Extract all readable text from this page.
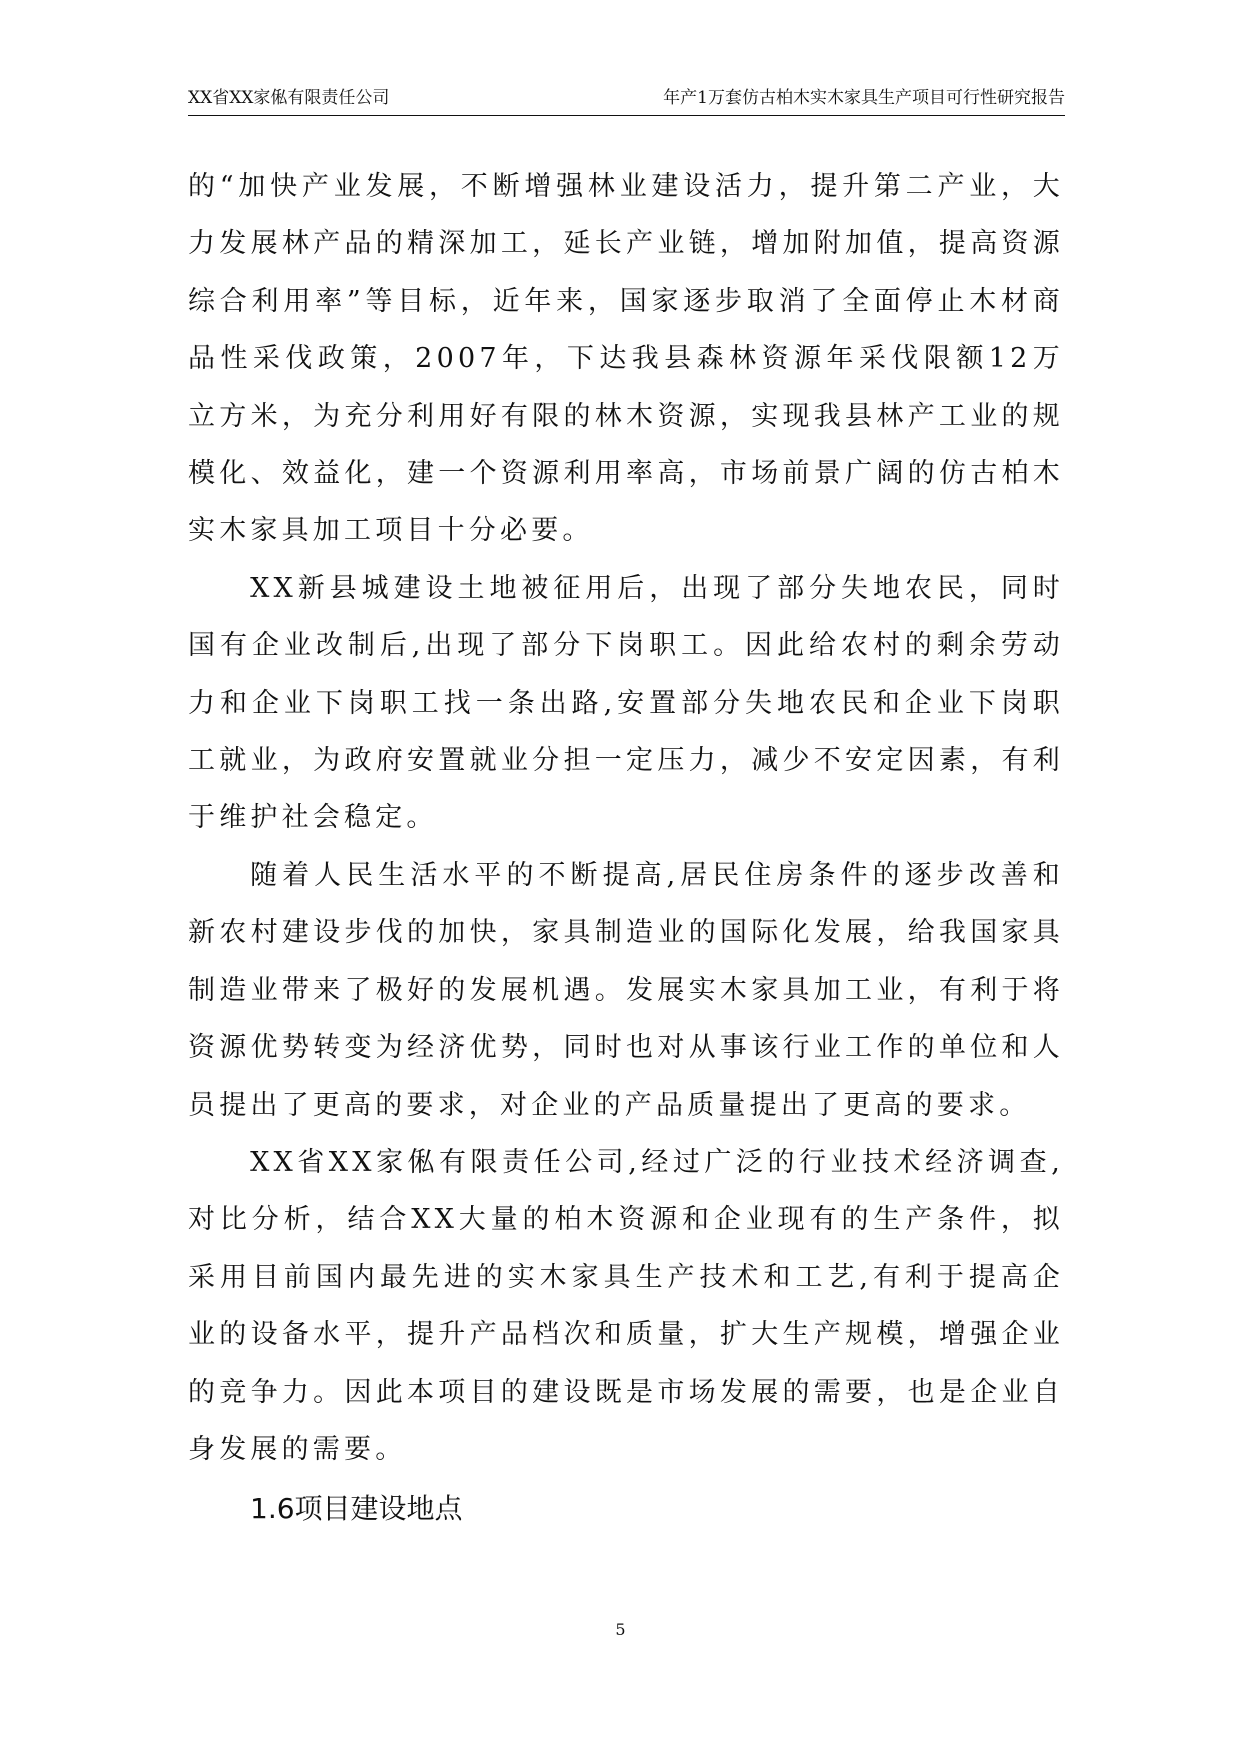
XX省XX家俬有限责任公司	年产1万套仿古柏木实木家具生产项目可行性研究报告

的“加快产业发展，不断增强林业建设活力，提升第二产业，大力发展林产品的精深加工，延长产业链，增加附加值，提高资源综合利用率”等目标，近年来，国家逐步取消了全面停止木材商品性采伐政策，2007年，下达我县森林资源年采伐限额12万立方米，为充分利用好有限的林木资源，实现我县林产工业的规模化、效益化，建一个资源利用率高，市场前景广阔的仿古柏木实木家具加工项目十分必要。

XX新县城建设土地被征用后，出现了部分失地农民，同时国有企业改制后,出现了部分下岗职工。因此给农村的剩余劳动力和企业下岗职工找一条出路,安置部分失地农民和企业下岗职工就业，为政府安置就业分担一定压力，减少不安定因素，有利于维护社会稳定。

随着人民生活水平的不断提高,居民住房条件的逐步改善和新农村建设步伐的加快，家具制造业的国际化发展，给我国家具制造业带来了极好的发展机遇。发展实木家具加工业，有利于将资源优势转变为经济优势，同时也对从事该行业工作的单位和人员提出了更高的要求，对企业的产品质量提出了更高的要求。

XX省XX家俬有限责任公司,经过广泛的行业技术经济调查,对比分析，结合XX大量的柏木资源和企业现有的生产条件，拟采用目前国内最先进的实木家具生产技术和工艺,有利于提高企业的设备水平，提升产品档次和质量，扩大生产规模，增强企业的竞争力。因此本项目的建设既是市场发展的需要，也是企业自身发展的需要。

1.6项目建设地点
5
